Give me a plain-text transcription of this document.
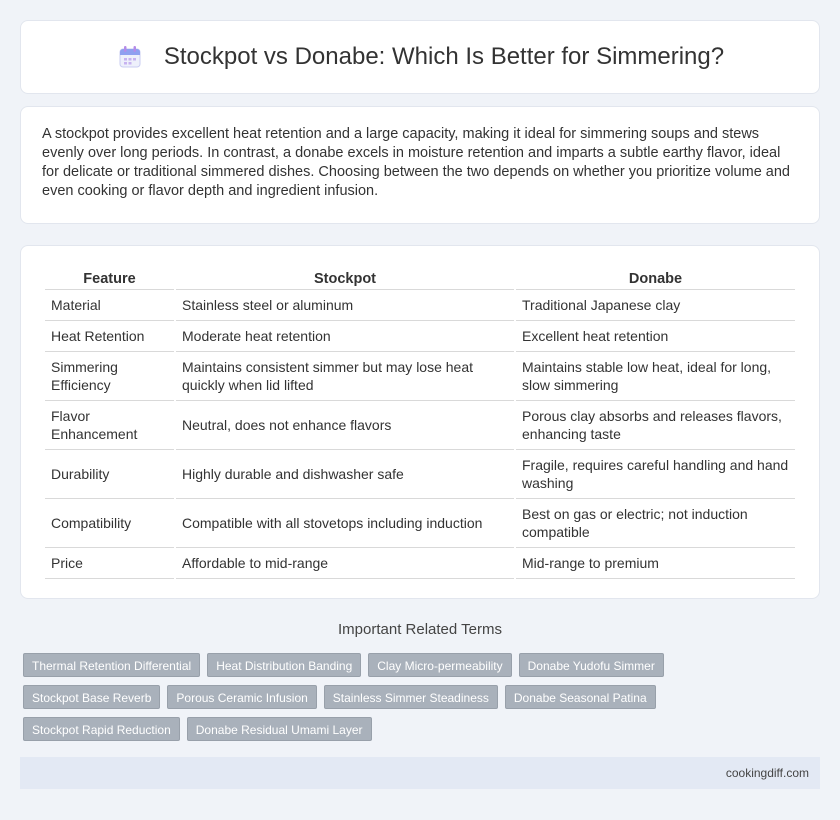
Stockpot vs Donabe: Which Is Better for Simmering?

A stockpot provides excellent heat retention and a large capacity, making it ideal for simmering soups and stews evenly over long periods. In contrast, a donabe excels in moisture retention and imparts a subtle earthy flavor, ideal for delicate or traditional simmered dishes. Choosing between the two depends on whether you prioritize volume and even cooking or flavor depth and ingredient infusion.

Feature	Stockpot	Donabe
Material	Stainless steel or aluminum	Traditional Japanese clay
Heat Retention	Moderate heat retention	Excellent heat retention
Simmering Efficiency	Maintains consistent simmer but may lose heat quickly when lid lifted	Maintains stable low heat, ideal for long, slow simmering
Flavor Enhancement	Neutral, does not enhance flavors	Porous clay absorbs and releases flavors, enhancing taste
Durability	Highly durable and dishwasher safe	Fragile, requires careful handling and hand washing
Compatibility	Compatible with all stovetops including induction	Best on gas or electric; not induction compatible
Price	Affordable to mid-range	Mid-range to premium
Important Related Terms
Thermal Retention Differential	Heat Distribution Banding	Clay Micro-permeability	Donabe Yudofu Simmer
Stockpot Base Reverb	Porous Ceramic Infusion	Stainless Simmer Steadiness	Donabe Seasonal Patina
Stockpot Rapid Reduction	Donabe Residual Umami Layer
cookingdiff.com
